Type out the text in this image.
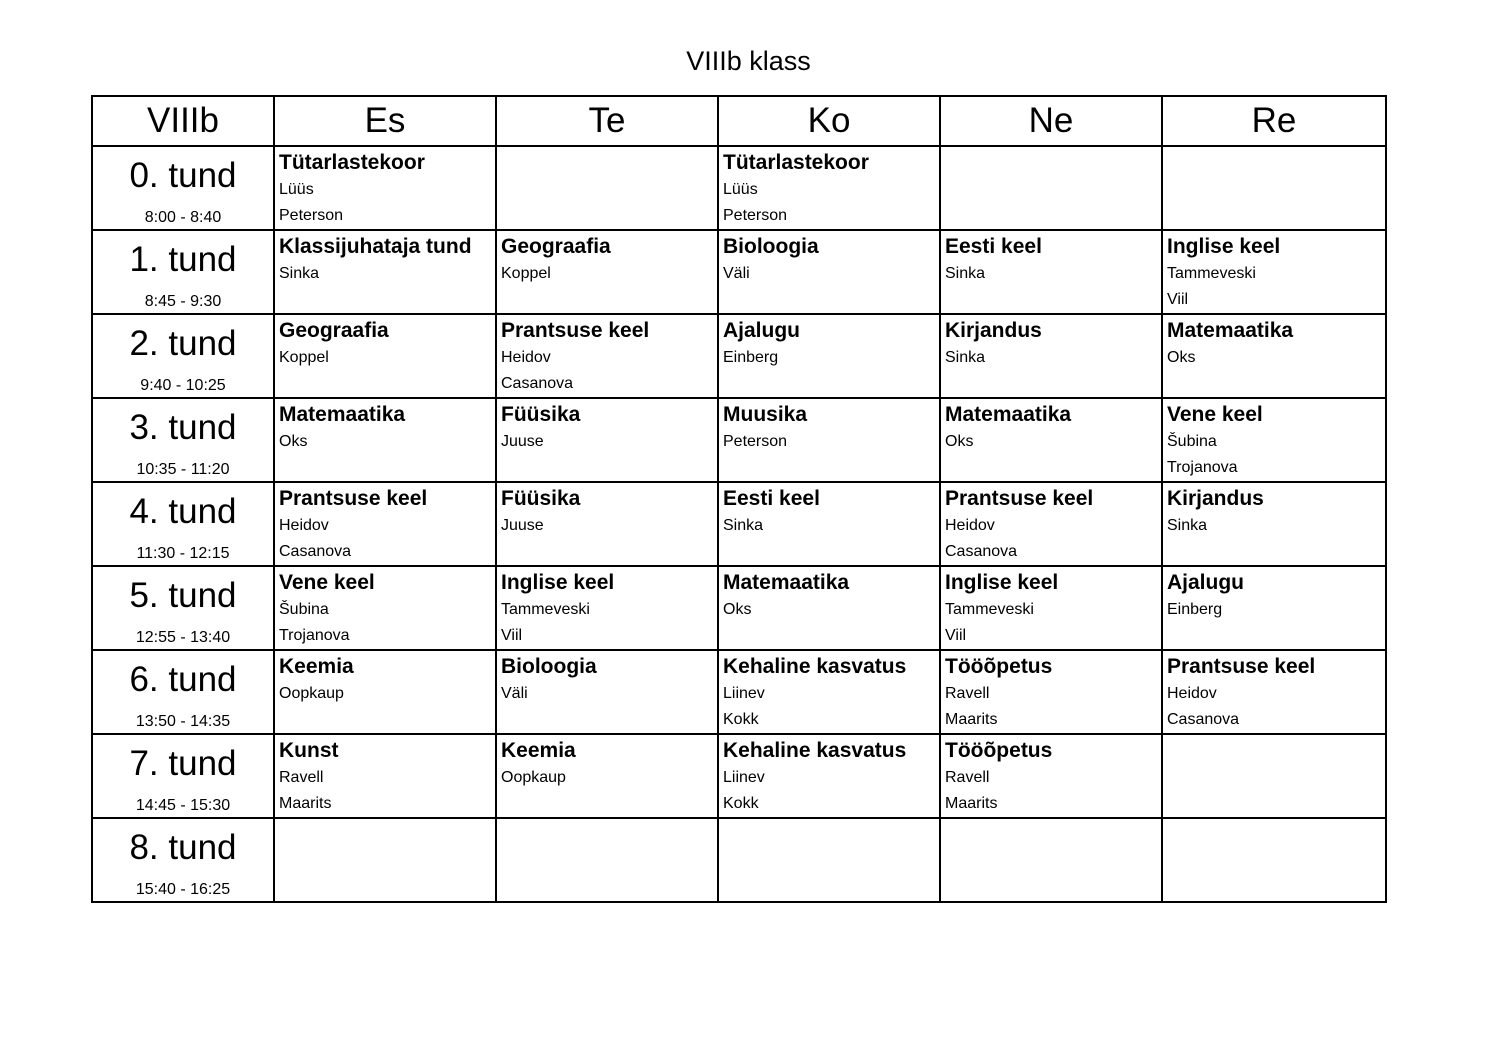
VIIIb klass
VIIIb	Es	Te	Ko	Ne	Re

0. tund
8:00 - 8:40	Tütarlastekoor
Lüüs
Peterson		Tütarlastekoor
Lüüs
Peterson		

1. tund
8:45 - 9:30	Klassijuhataja tund
Sinka	Geograafia
Koppel	Bioloogia
Väli	Eesti keel
Sinka	Inglise keel
Tammeveski
Viil

2. tund
9:40 - 10:25	Geograafia
Koppel	Prantsuse keel
Heidov
Casanova	Ajalugu
Einberg	Kirjandus
Sinka	Matemaatika
Oks

3. tund
10:35 - 11:20	Matemaatika
Oks	Füüsika
Juuse	Muusika
Peterson	Matemaatika
Oks	Vene keel
Šubina
Trojanova

4. tund
11:30 - 12:15	Prantsuse keel
Heidov
Casanova	Füüsika
Juuse	Eesti keel
Sinka	Prantsuse keel
Heidov
Casanova	Kirjandus
Sinka

5. tund
12:55 - 13:40	Vene keel
Šubina
Trojanova	Inglise keel
Tammeveski
Viil	Matemaatika
Oks	Inglise keel
Tammeveski
Viil	Ajalugu
Einberg

6. tund
13:50 - 14:35	Keemia
Oopkaup	Bioloogia
Väli	Kehaline kasvatus
Liinev
Kokk	Tööõpetus
Ravell
Maarits	Prantsuse keel
Heidov
Casanova

7. tund
14:45 - 15:30	Kunst
Ravell
Maarits	Keemia
Oopkaup	Kehaline kasvatus
Liinev
Kokk	Tööõpetus
Ravell
Maarits	

8. tund
15:40 - 16:25					
